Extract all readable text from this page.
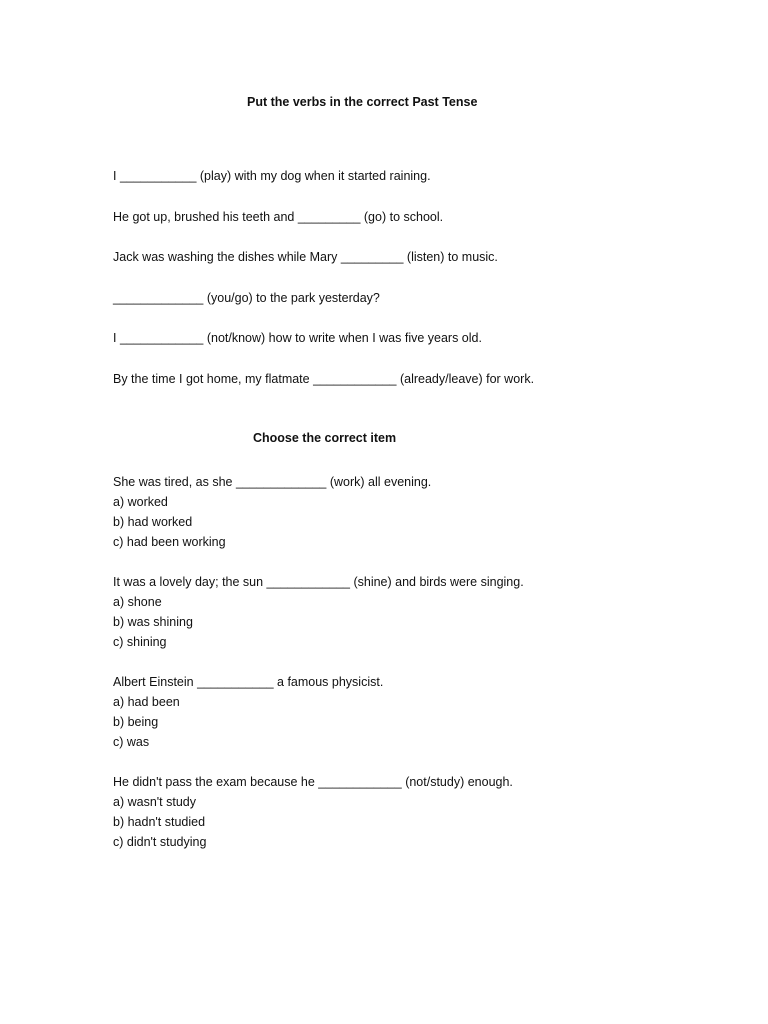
Put the verbs in the correct Past Tense
I ___________ (play) with my dog when it started raining.
He got up, brushed his teeth and _________ (go) to school.
Jack was washing the dishes while Mary _________ (listen) to music.
_____________ (you/go) to the park yesterday?
I ____________ (not/know) how to write when I was five years old.
By the time I got home, my flatmate ____________ (already/leave) for work.
Choose the correct item
She was tired, as she _____________ (work) all evening.
a) worked
b) had worked
c) had been working
It was a lovely day; the sun ____________ (shine) and birds were singing.
a) shone
b) was shining
c) shining
Albert Einstein ___________ a famous physicist.
a) had been
b) being
c) was
He didn't pass the exam because he ____________ (not/study) enough.
a) wasn't study
b) hadn't studied
c) didn't studying
